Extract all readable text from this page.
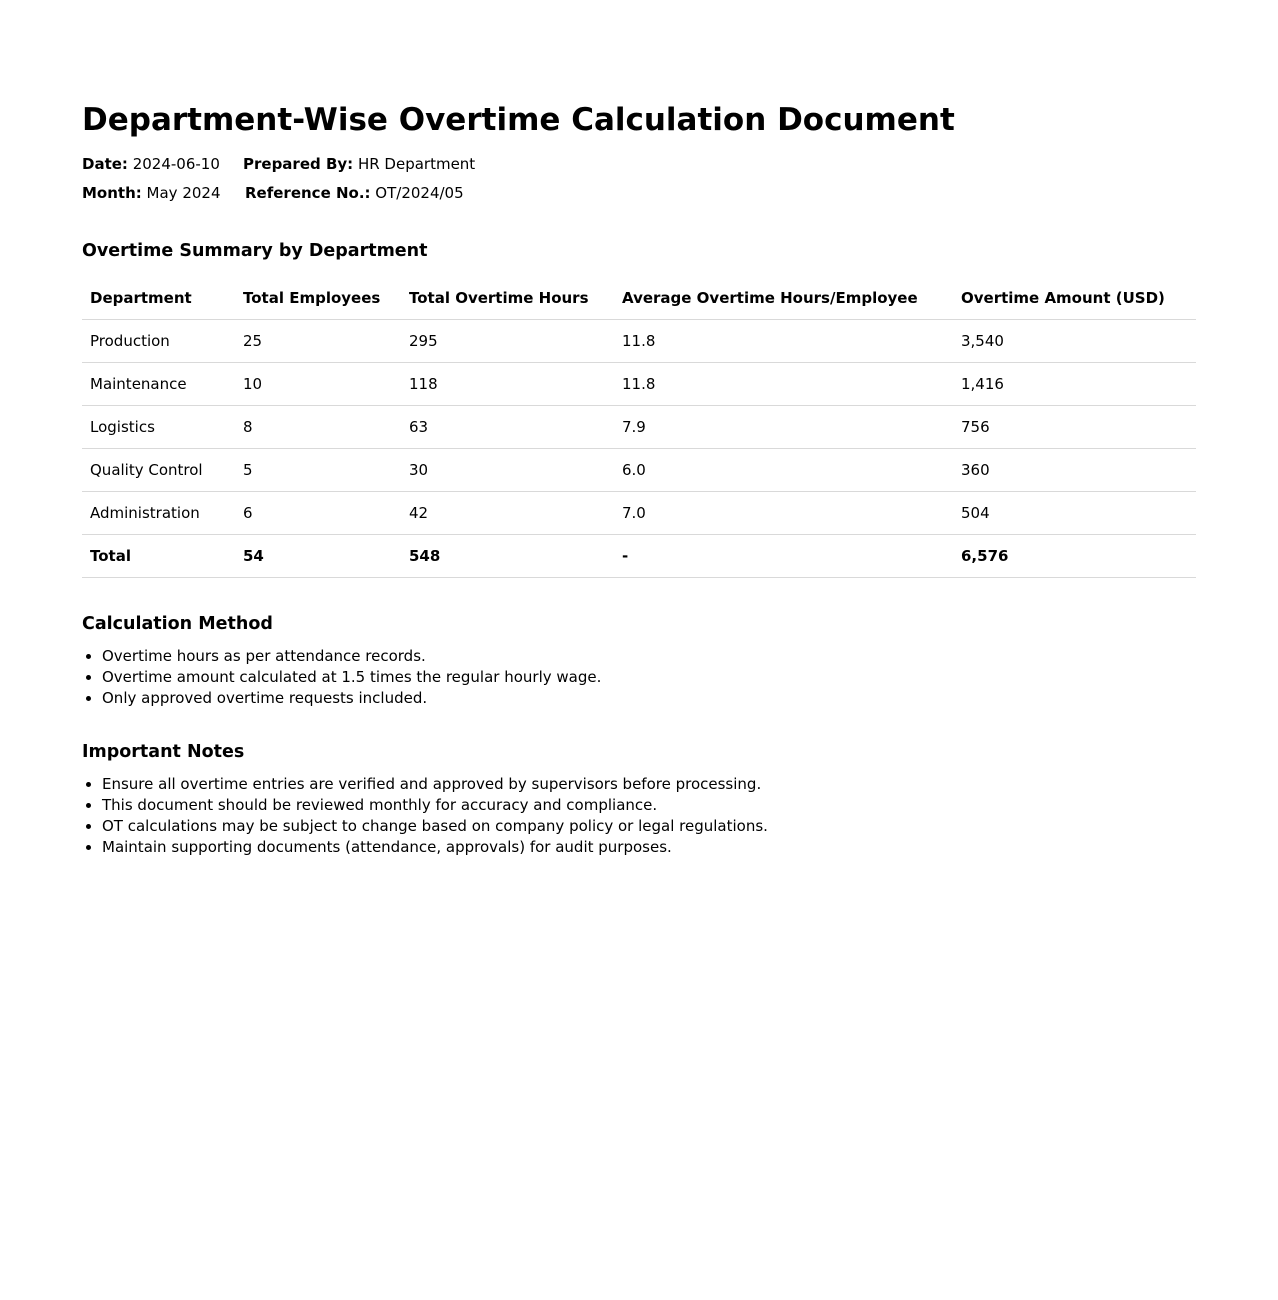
Department-Wise Overtime Calculation Document
Date: 2024-06-10	Prepared By: HR Department
Month: May 2024	Reference No.: OT/2024/05
Overtime Summary by Department
Department	Total Employees	Total Overtime Hours	Average Overtime Hours/Employee	Overtime Amount (USD)
Production	25	295	11.8	3,540
Maintenance	10	118	11.8	1,416
Logistics	8	63	7.9	756
Quality Control	5	30	6.0	360
Administration	6	42	7.0	504
Total	54	548	-	6,576
Calculation Method
• Overtime hours as per attendance records.
• Overtime amount calculated at 1.5 times the regular hourly wage.
• Only approved overtime requests included.
Important Notes
• Ensure all overtime entries are verified and approved by supervisors before processing.
• This document should be reviewed monthly for accuracy and compliance.
• OT calculations may be subject to change based on company policy or legal regulations.
• Maintain supporting documents (attendance, approvals) for audit purposes.
